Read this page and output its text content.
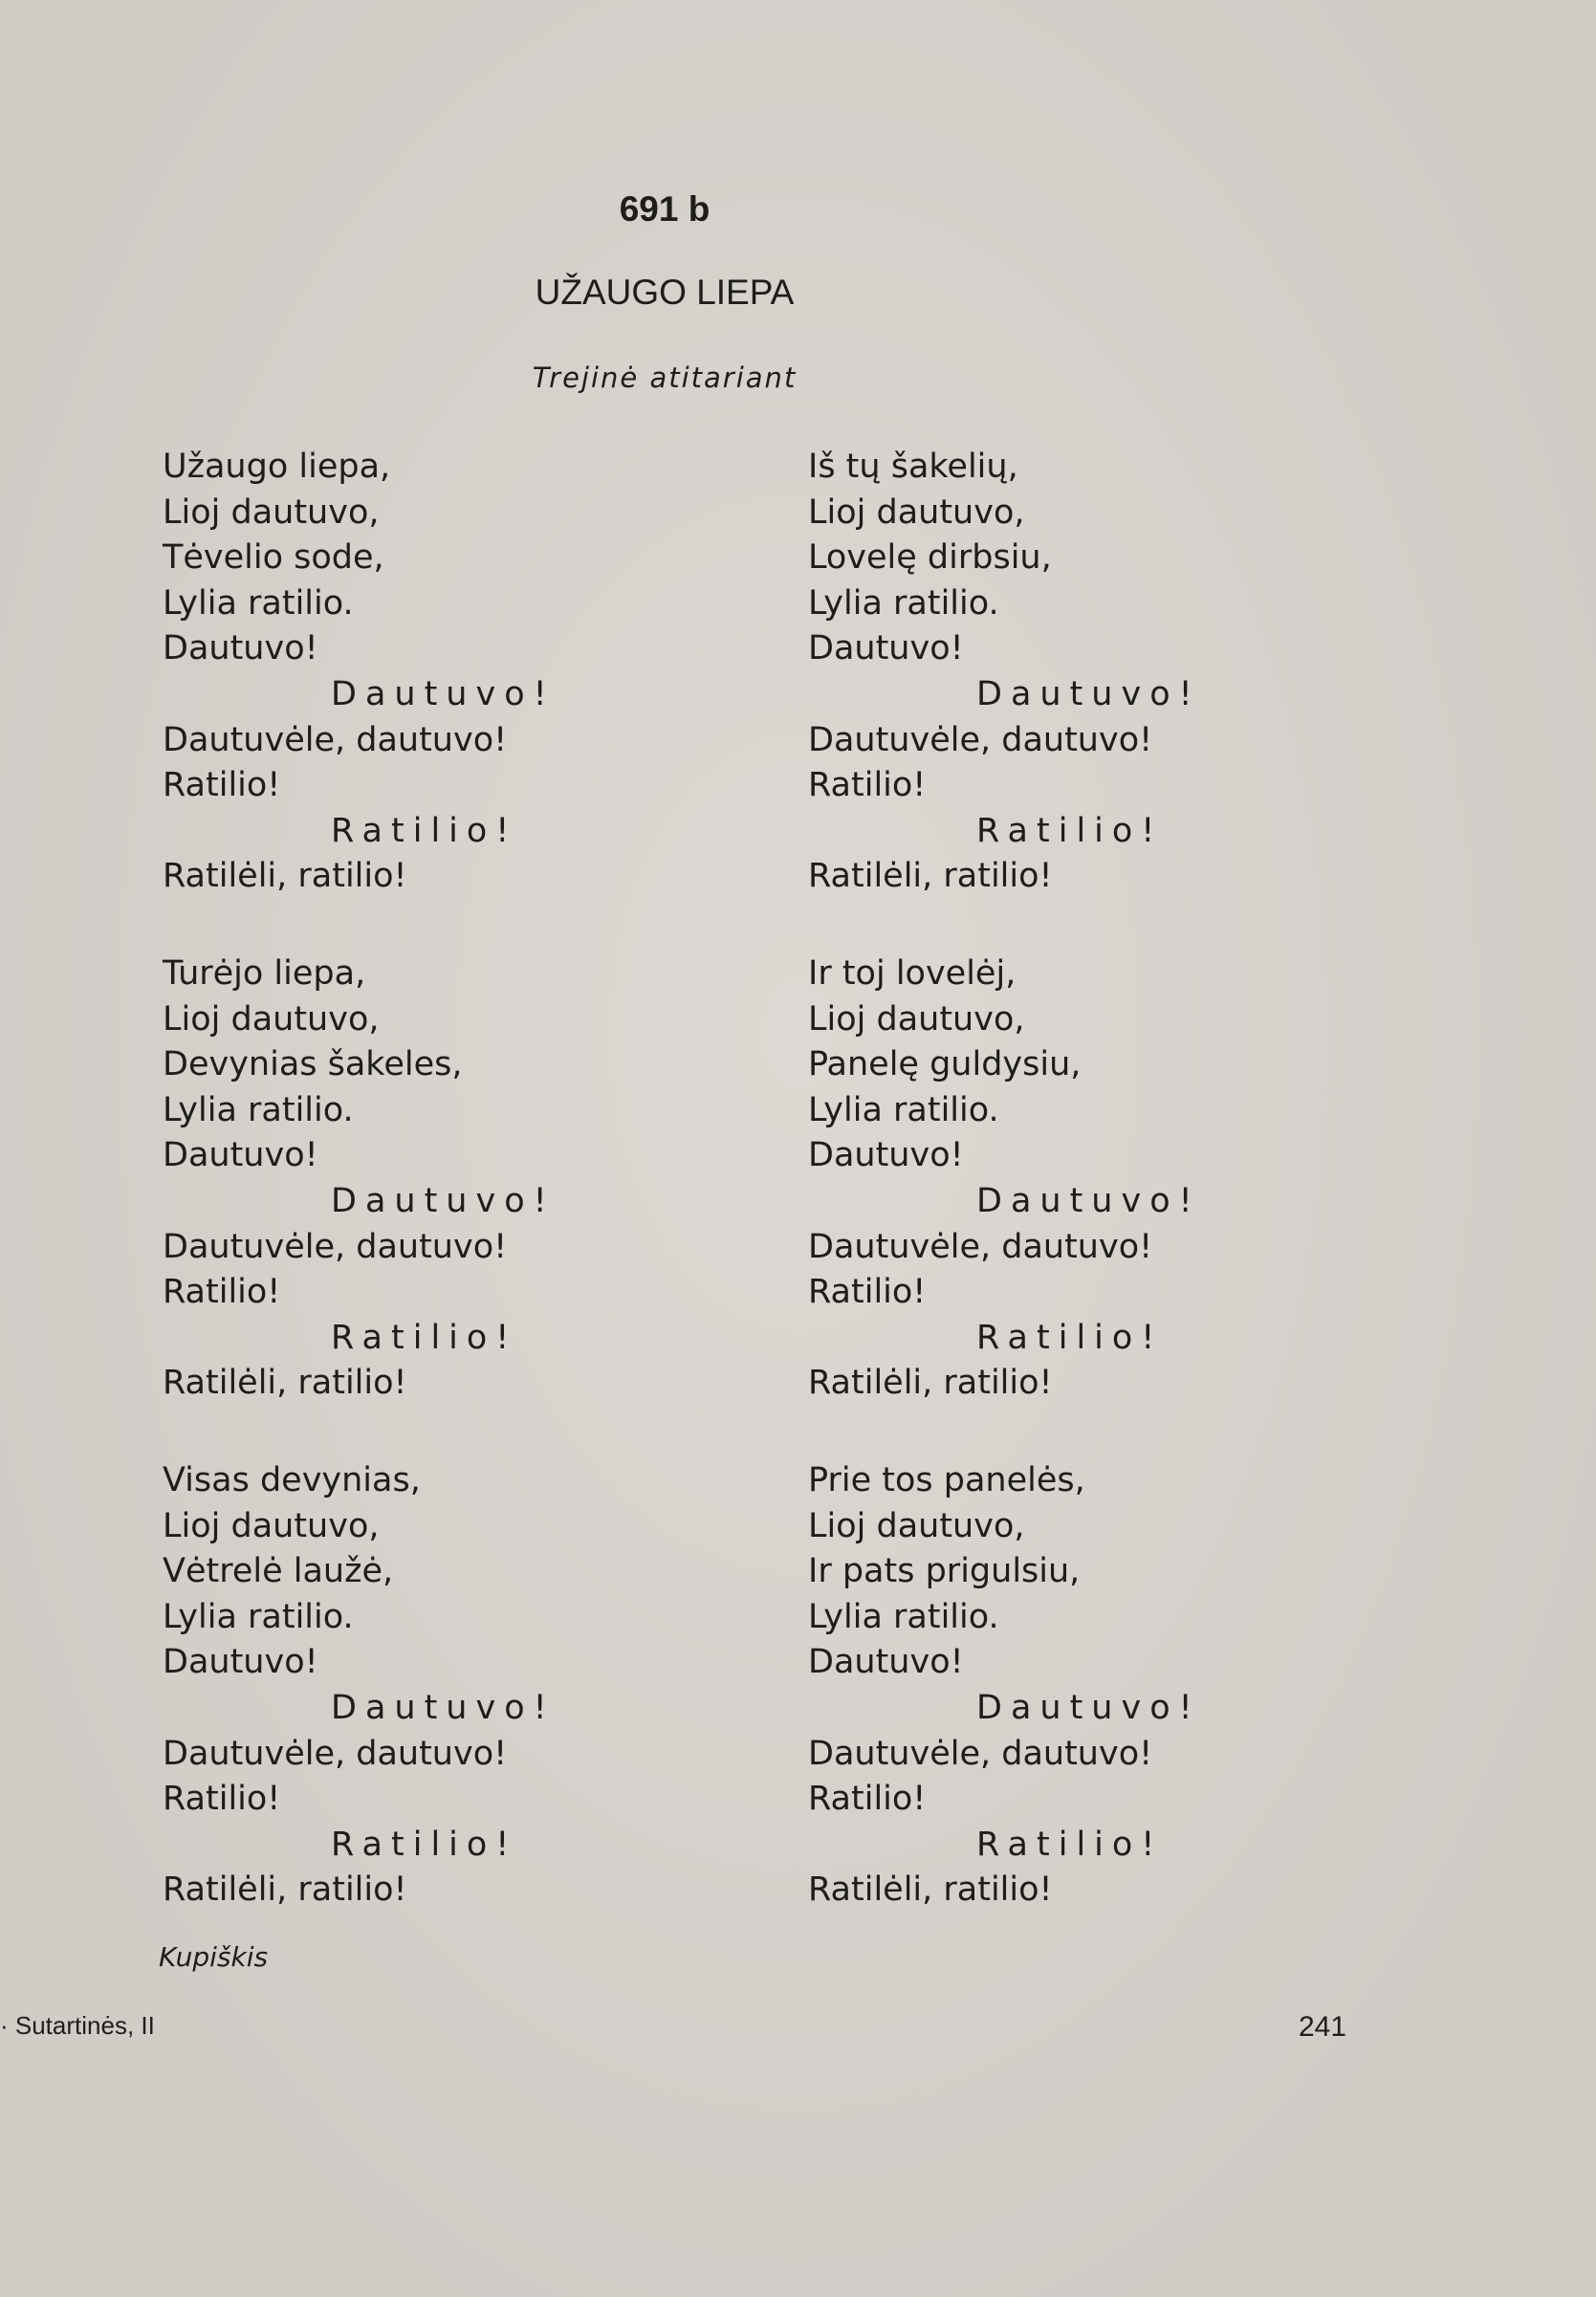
691 b
UŽAUGO LIEPA
Trejinė atitariant
Užaugo liepa,
Lioj dautuvo,
Tėvelio sode,
Lylia ratilio.
Dautuvo!
Dautuvo!
Dautuvėle, dautuvo!
Ratilio!
Ratilio!
Ratilėli, ratilio!
Turėjo liepa,
Lioj dautuvo,
Devynias šakeles,
Lylia ratilio.
Dautuvo!
Dautuvo!
Dautuvėle, dautuvo!
Ratilio!
Ratilio!
Ratilėli, ratilio!
Visas devynias,
Lioj dautuvo,
Vėtrelė laužė,
Lylia ratilio.
Dautuvo!
Dautuvo!
Dautuvėle, dautuvo!
Ratilio!
Ratilio!
Ratilėli, ratilio!
Iš tų šakelių,
Lioj dautuvo,
Lovelę dirbsiu,
Lylia ratilio.
Dautuvo!
Dautuvo!
Dautuvėle, dautuvo!
Ratilio!
Ratilio!
Ratilėli, ratilio!
Ir toj lovelėj,
Lioj dautuvo,
Panelę guldysiu,
Lylia ratilio.
Dautuvo!
Dautuvo!
Dautuvėle, dautuvo!
Ratilio!
Ratilio!
Ratilėli, ratilio!
Prie tos panelės,
Lioj dautuvo,
Ir pats prigulsiu,
Lylia ratilio.
Dautuvo!
Dautuvo!
Dautuvėle, dautuvo!
Ratilio!
Ratilio!
Ratilėli, ratilio!
Kupiškis
· Sutartinės, II	241
